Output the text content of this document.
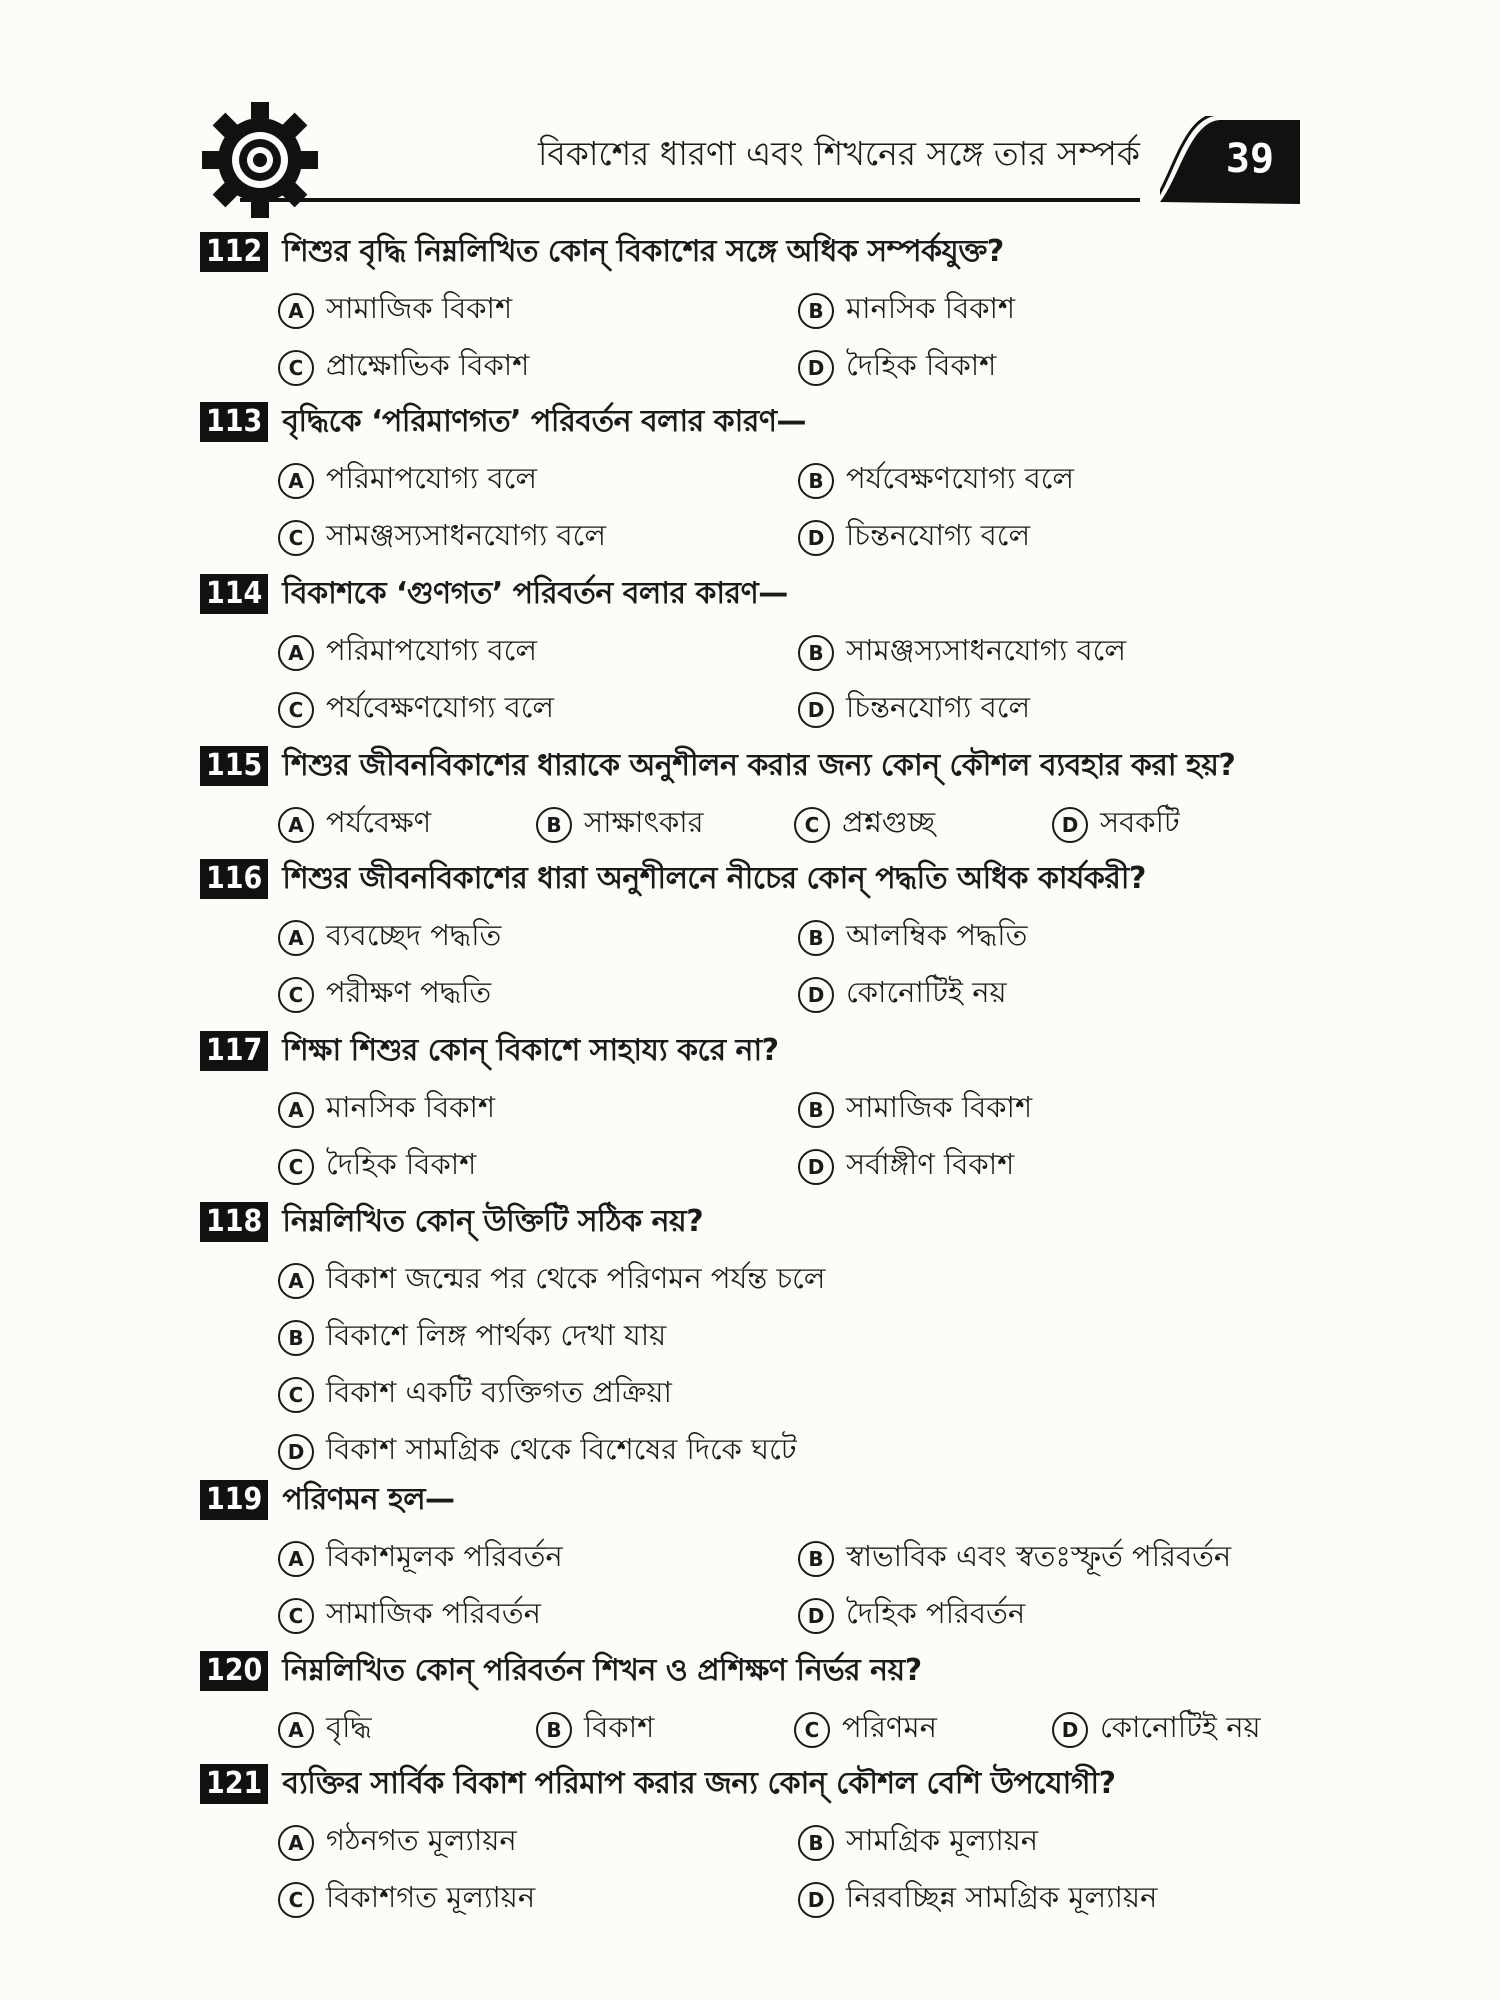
বিকাশের ধারণা এবং শিখনের সঙ্গে তার সম্পর্ক	39
112 শিশুর বৃদ্ধি নিম্নলিখিত কোন্ বিকাশের সঙ্গে অধিক সম্পর্কযুক্ত?
A সামাজিক বিকাশ	B মানসিক বিকাশ
C প্রাক্ষোভিক বিকাশ	D দৈহিক বিকাশ
113 বৃদ্ধিকে ‘পরিমাণগত’ পরিবর্তন বলার কারণ—
A পরিমাপযোগ্য বলে	B পর্যবেক্ষণযোগ্য বলে
C সামঞ্জস্যসাধনযোগ্য বলে	D চিন্তনযোগ্য বলে
114 বিকাশকে ‘গুণগত’ পরিবর্তন বলার কারণ—
A পরিমাপযোগ্য বলে	B সামঞ্জস্যসাধনযোগ্য বলে
C পর্যবেক্ষণযোগ্য বলে	D চিন্তনযোগ্য বলে
115 শিশুর জীবনবিকাশের ধারাকে অনুশীলন করার জন্য কোন্ কৌশল ব্যবহার করা হয়?
A পর্যবেক্ষণ	B সাক্ষাৎকার	C প্রশ্নগুচ্ছ	D সবকটি
116 শিশুর জীবনবিকাশের ধারা অনুশীলনে নীচের কোন্ পদ্ধতি অধিক কার্যকরী?
A ব্যবচ্ছেদ পদ্ধতি	B আলম্বিক পদ্ধতি
C পরীক্ষণ পদ্ধতি	D কোনোটিই নয়
117 শিক্ষা শিশুর কোন্ বিকাশে সাহায্য করে না?
A মানসিক বিকাশ	B সামাজিক বিকাশ
C দৈহিক বিকাশ	D সর্বাঙ্গীণ বিকাশ
118 নিম্নলিখিত কোন্ উক্তিটি সঠিক নয়?
A বিকাশ জন্মের পর থেকে পরিণমন পর্যন্ত চলে
B বিকাশে লিঙ্গ পার্থক্য দেখা যায়
C বিকাশ একটি ব্যক্তিগত প্রক্রিয়া
D বিকাশ সামগ্রিক থেকে বিশেষের দিকে ঘটে
119 পরিণমন হল—
A বিকাশমূলক পরিবর্তন	B স্বাভাবিক এবং স্বতঃস্ফূর্ত পরিবর্তন
C সামাজিক পরিবর্তন	D দৈহিক পরিবর্তন
120 নিম্নলিখিত কোন্ পরিবর্তন শিখন ও প্রশিক্ষণ নির্ভর নয়?
A বৃদ্ধি	B বিকাশ	C পরিণমন	D কোনোটিই নয়
121 ব্যক্তির সার্বিক বিকাশ পরিমাপ করার জন্য কোন্ কৌশল বেশি উপযোগী?
A গঠনগত মূল্যায়ন	B সামগ্রিক মূল্যায়ন
C বিকাশগত মূল্যায়ন	D নিরবচ্ছিন্ন সামগ্রিক মূল্যায়ন
